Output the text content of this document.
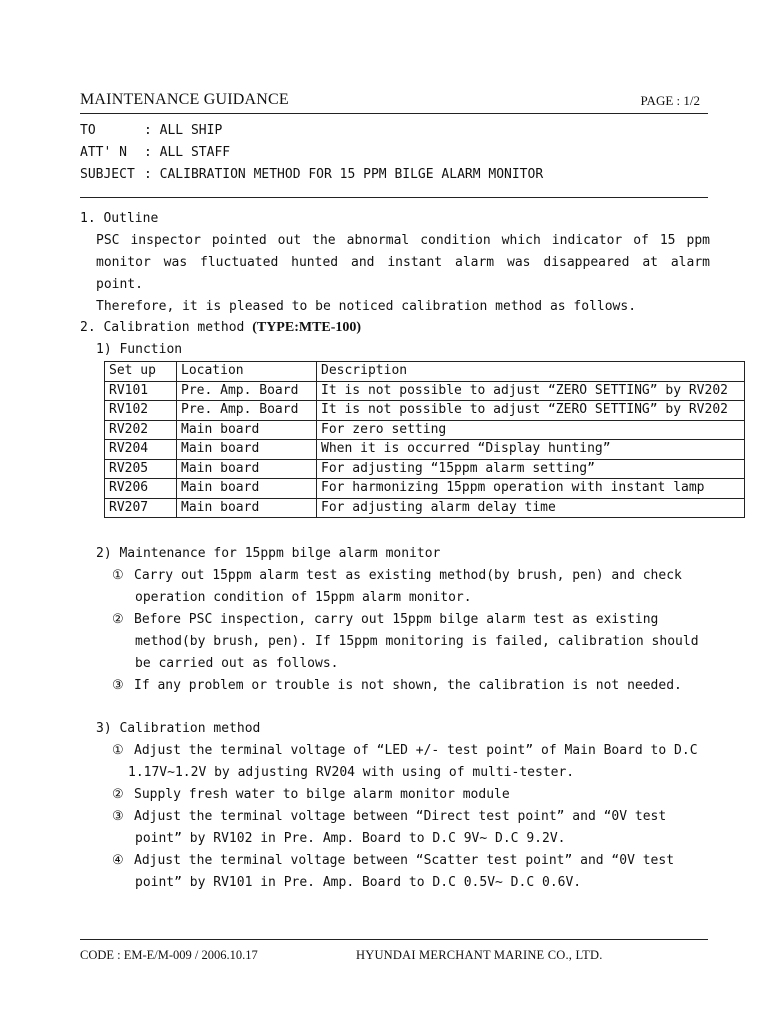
MAINTENANCE GUIDANCE	PAGE : 1/2
TO	: ALL SHIP
ATT' N : ALL STAFF
SUBJECT : CALIBRATION METHOD FOR 15 PPM BILGE ALARM MONITOR
1. Outline
PSC inspector pointed out the abnormal condition which indicator of 15 ppm
monitor was fluctuated hunted and instant alarm was disappeared at alarm point.
Therefore, it is pleased to be noticed calibration method as follows.
2. Calibration method (TYPE:MTE-100)
1) Function
Set up	Location	Description
RV101	Pre. Amp. Board	It is not possible to adjust “ZERO SETTING” by RV202
RV102	Pre. Amp. Board	It is not possible to adjust “ZERO SETTING” by RV202
RV202	Main board	For zero setting
RV204	Main board	When it is occurred “Display hunting”
RV205	Main board	For adjusting “15ppm alarm setting”
RV206	Main board	For harmonizing 15ppm operation with instant lamp
RV207	Main board	For adjusting alarm delay time
2) Maintenance for 15ppm bilge alarm monitor
① Carry out 15ppm alarm test as existing method(by brush, pen) and check
operation condition of 15ppm alarm monitor.
② Before PSC inspection, carry out 15ppm bilge alarm test as existing
method(by brush, pen). If 15ppm monitoring is failed, calibration should
be carried out as follows.
③ If any problem or trouble is not shown, the calibration is not needed.
3) Calibration method
① Adjust the terminal voltage of “LED +/- test point” of Main Board to D.C
1.17V~1.2V by adjusting RV204 with using of multi-tester.
② Supply fresh water to bilge alarm monitor module
③ Adjust the terminal voltage between “Direct test point” and “0V test
point” by RV102 in Pre. Amp. Board to D.C 9V~ D.C 9.2V.
④ Adjust the terminal voltage between “Scatter test point” and “0V test
point” by RV101 in Pre. Amp. Board to D.C 0.5V~ D.C 0.6V.
CODE : EM-E/M-009 / 2006.10.17	HYUNDAI MERCHANT MARINE CO., LTD.
